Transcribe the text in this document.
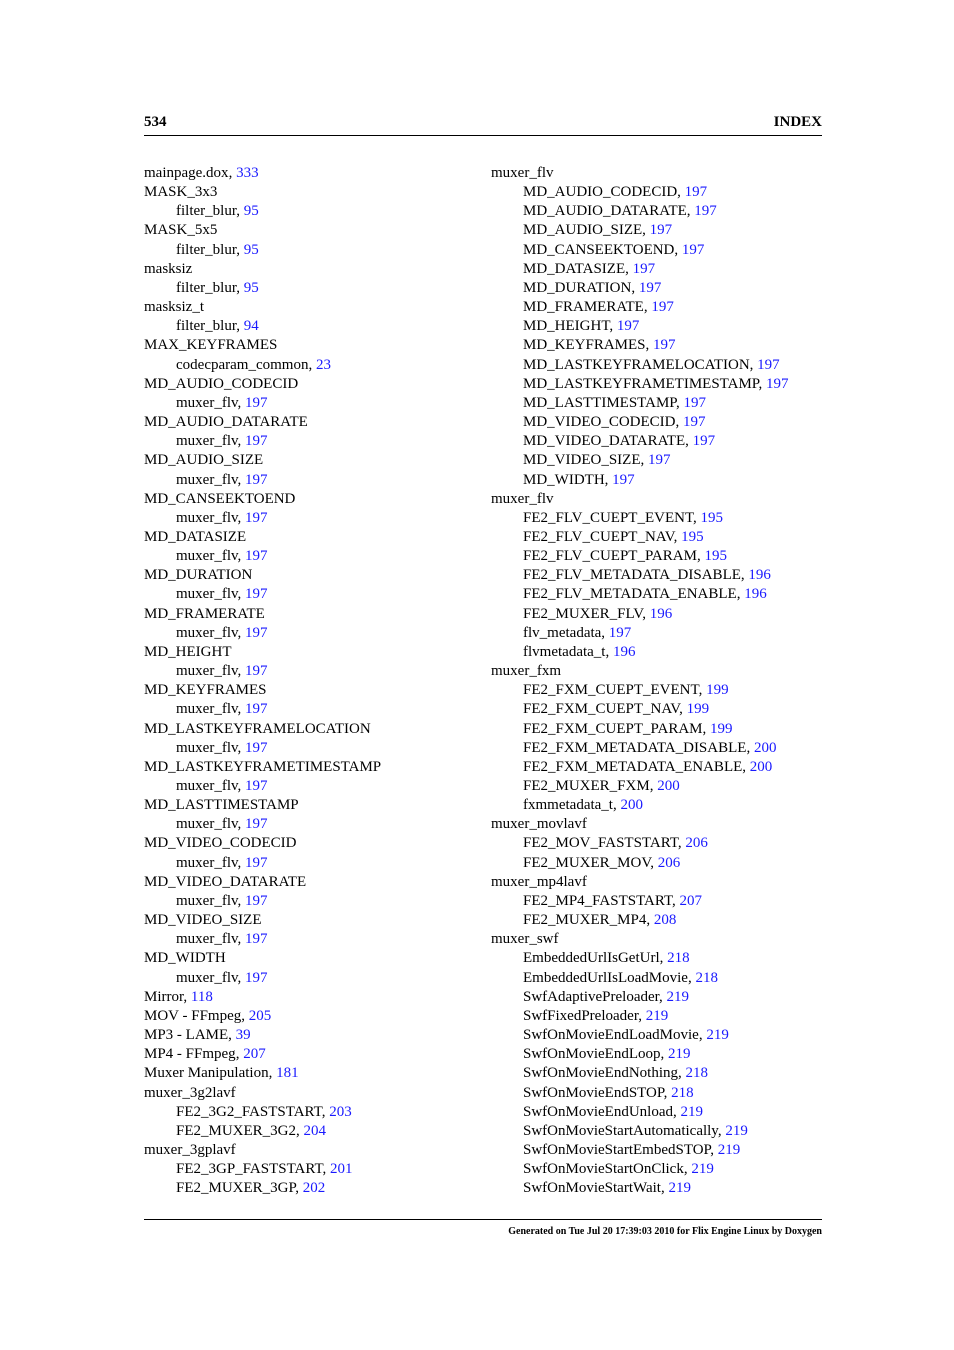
534	INDEX
mainpage.dox, 333
MASK_3x3
filter_blur, 95
MASK_5x5
filter_blur, 95
masksiz
filter_blur, 95
masksiz_t
filter_blur, 94
MAX_KEYFRAMES
codecparam_common, 23
MD_AUDIO_CODECID
muxer_flv, 197
MD_AUDIO_DATARATE
muxer_flv, 197
MD_AUDIO_SIZE
muxer_flv, 197
MD_CANSEEKTOEND
muxer_flv, 197
MD_DATASIZE
muxer_flv, 197
MD_DURATION
muxer_flv, 197
MD_FRAMERATE
muxer_flv, 197
MD_HEIGHT
muxer_flv, 197
MD_KEYFRAMES
muxer_flv, 197
MD_LASTKEYFRAMELOCATION
muxer_flv, 197
MD_LASTKEYFRAMETIMESTAMP
muxer_flv, 197
MD_LASTTIMESTAMP
muxer_flv, 197
MD_VIDEO_CODECID
muxer_flv, 197
MD_VIDEO_DATARATE
muxer_flv, 197
MD_VIDEO_SIZE
muxer_flv, 197
MD_WIDTH
muxer_flv, 197
Mirror, 118
MOV - FFmpeg, 205
MP3 - LAME, 39
MP4 - FFmpeg, 207
Muxer Manipulation, 181
muxer_3g2lavf
FE2_3G2_FASTSTART, 203
FE2_MUXER_3G2, 204
muxer_3gplavf
FE2_3GP_FASTSTART, 201
FE2_MUXER_3GP, 202
muxer_flv
MD_AUDIO_CODECID, 197
MD_AUDIO_DATARATE, 197
MD_AUDIO_SIZE, 197
MD_CANSEEKTOEND, 197
MD_DATASIZE, 197
MD_DURATION, 197
MD_FRAMERATE, 197
MD_HEIGHT, 197
MD_KEYFRAMES, 197
MD_LASTKEYFRAMELOCATION, 197
MD_LASTKEYFRAMETIMESTAMP, 197
MD_LASTTIMESTAMP, 197
MD_VIDEO_CODECID, 197
MD_VIDEO_DATARATE, 197
MD_VIDEO_SIZE, 197
MD_WIDTH, 197
muxer_flv
FE2_FLV_CUEPT_EVENT, 195
FE2_FLV_CUEPT_NAV, 195
FE2_FLV_CUEPT_PARAM, 195
FE2_FLV_METADATA_DISABLE, 196
FE2_FLV_METADATA_ENABLE, 196
FE2_MUXER_FLV, 196
flv_metadata, 197
flvmetadata_t, 196
muxer_fxm
FE2_FXM_CUEPT_EVENT, 199
FE2_FXM_CUEPT_NAV, 199
FE2_FXM_CUEPT_PARAM, 199
FE2_FXM_METADATA_DISABLE, 200
FE2_FXM_METADATA_ENABLE, 200
FE2_MUXER_FXM, 200
fxmmetadata_t, 200
muxer_movlavf
FE2_MOV_FASTSTART, 206
FE2_MUXER_MOV, 206
muxer_mp4lavf
FE2_MP4_FASTSTART, 207
FE2_MUXER_MP4, 208
muxer_swf
EmbeddedUrlIsGetUrl, 218
EmbeddedUrlIsLoadMovie, 218
SwfAdaptivePreloader, 219
SwfFixedPreloader, 219
SwfOnMovieEndLoadMovie, 219
SwfOnMovieEndLoop, 219
SwfOnMovieEndNothing, 218
SwfOnMovieEndSTOP, 218
SwfOnMovieEndUnload, 219
SwfOnMovieStartAutomatically, 219
SwfOnMovieStartEmbedSTOP, 219
SwfOnMovieStartOnClick, 219
SwfOnMovieStartWait, 219
Generated on Tue Jul 20 17:39:03 2010 for Flix Engine Linux by Doxygen
